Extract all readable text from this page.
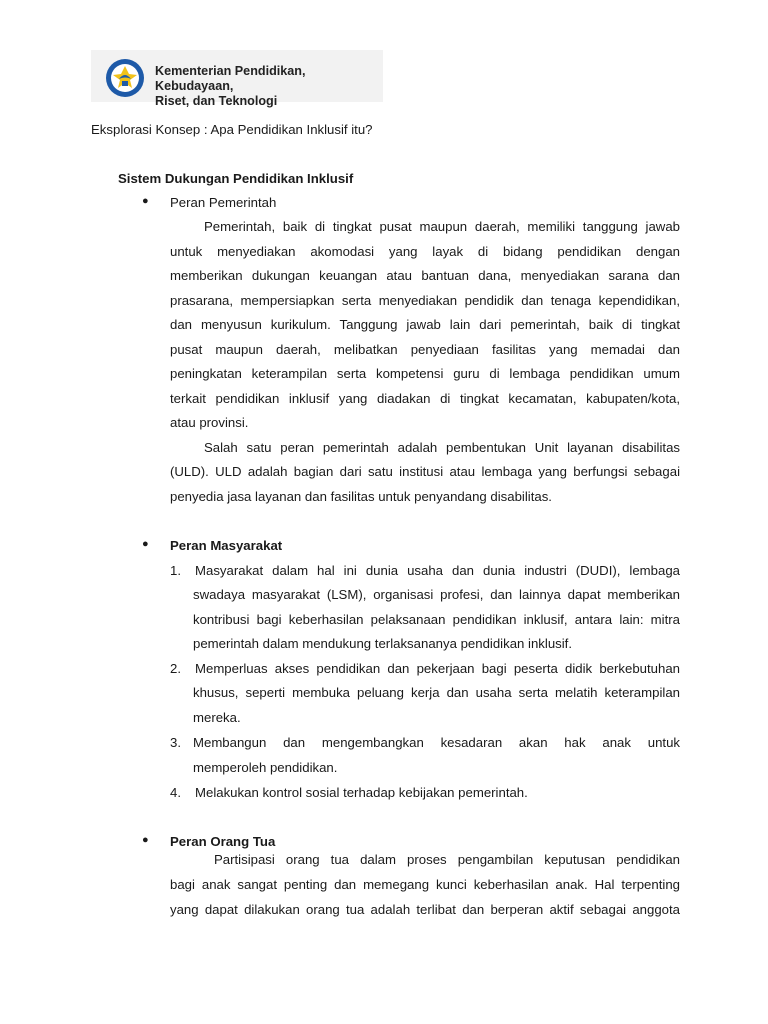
Kementerian Pendidikan, Kebudayaan,
Riset, dan Teknologi
Eksplorasi Konsep : Apa Pendidikan Inklusif itu?
Sistem Dukungan Pendidikan Inklusif
● Peran Pemerintah
Pemerintah, baik di tingkat pusat maupun daerah, memiliki tanggung jawab
untuk menyediakan akomodasi yang layak di bidang pendidikan dengan
memberikan dukungan keuangan atau bantuan dana, menyediakan sarana dan
prasarana, mempersiapkan serta menyediakan pendidik dan tenaga kependidikan,
dan menyusun kurikulum. Tanggung jawab lain dari pemerintah, baik di tingkat
pusat maupun daerah, melibatkan penyediaan fasilitas yang memadai dan
peningkatan keterampilan serta kompetensi guru di lembaga pendidikan umum
terkait pendidikan inklusif yang diadakan di tingkat kecamatan, kabupaten/kota,
atau provinsi.
Salah satu peran pemerintah adalah pembentukan Unit layanan disabilitas
(ULD). ULD adalah bagian dari satu institusi atau lembaga yang berfungsi sebagai
penyedia jasa layanan dan fasilitas untuk penyandang disabilitas.
● Peran Masyarakat
1. Masyarakat dalam hal ini dunia usaha dan dunia industri (DUDI), lembaga
swadaya masyarakat (LSM), organisasi profesi, dan lainnya dapat memberikan
kontribusi bagi keberhasilan pelaksanaan pendidikan inklusif, antara lain: mitra
pemerintah dalam mendukung terlaksananya pendidikan inklusif.
2. Memperluas akses pendidikan dan pekerjaan bagi peserta didik berkebutuhan
khusus, seperti membuka peluang kerja dan usaha serta melatih keterampilan
mereka.
3. Membangun dan mengembangkan kesadaran akan hak anak untuk
memperoleh pendidikan.
4. Melakukan kontrol sosial terhadap kebijakan pemerintah.
● Peran Orang Tua
Partisipasi orang tua dalam proses pengambilan keputusan pendidikan
bagi anak sangat penting dan memegang kunci keberhasilan anak. Hal terpenting
yang dapat dilakukan orang tua adalah terlibat dan berperan aktif sebagai anggota
